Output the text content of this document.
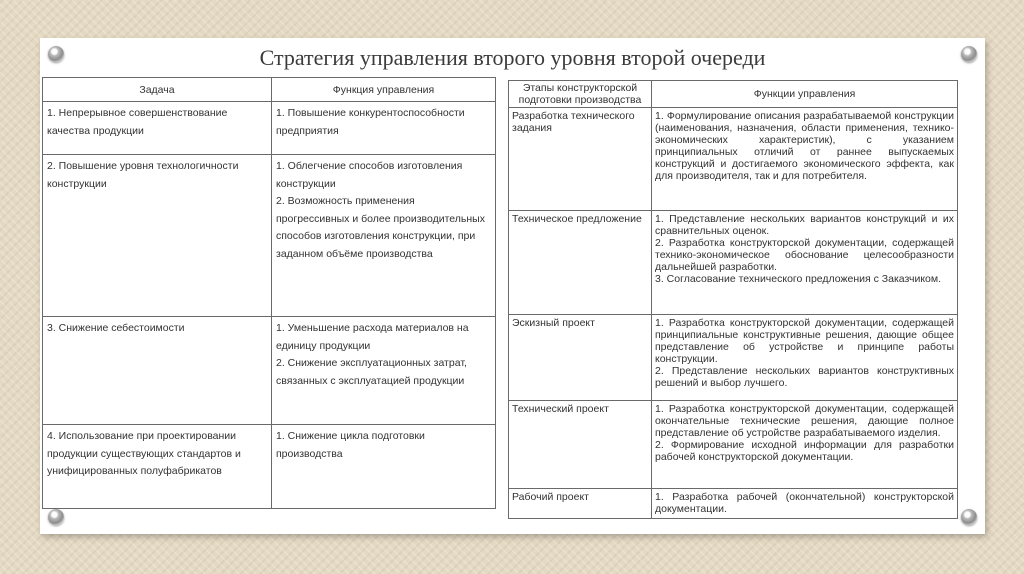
Стратегия управления второго уровня второй очереди
Задача	Функция управления
1. Непрерывное совершенствование качества продукции	1. Повышение конкурентоспособности предприятия

2. Повышение уровня технологичности конструкции	1. Облегчение способов изготовления конструкции
2. Возможность применения прогрессивных и более производительных способов изготовления конструкции, при заданном объёме производства

3. Снижение себестоимости	1. Уменьшение расхода материалов на единицу продукции
2. Снижение эксплуатационных затрат, связанных с эксплуатацией продукции

4. Использование при проектировании продукции существующих стандартов и унифицированных полуфабрикатов	1. Снижение цикла подготовки производства
Этапы конструкторской подготовки производства	Функции управления
Разработка технического задания	1. Формулирование описания разрабатываемой конструкции (наименования, назначения, области применения, технико-экономических характеристик), с указанием принципиальных отличий от раннее выпускаемых конструкций и достигаемого экономического эффекта, как для производителя, так и для потребителя.

Техническое предложение	1. Представление нескольких вариантов конструкций и их сравнительных оценок.

2. Разработка конструкторской документации, содержащей технико-экономическое обоснование целесообразности дальнейшей разработки.

3. Согласование технического предложения с Заказчиком.

Эскизный проект	1. Разработка конструкторской документации, содержащей принципиальные конструктивные решения, дающие общее представление об устройстве и принципе работы конструкции.

2. Представление нескольких вариантов конструктивных решений и выбор лучшего.

Технический проект	1. Разработка конструкторской документации, содержащей окончательные технические решения, дающие полное представление об устройстве разрабатываемого изделия.

2. Формирование исходной информации для разработки рабочей конструкторской документации.

Рабочий проект	1. Разработка рабочей (окончательной) конструкторской документации.
